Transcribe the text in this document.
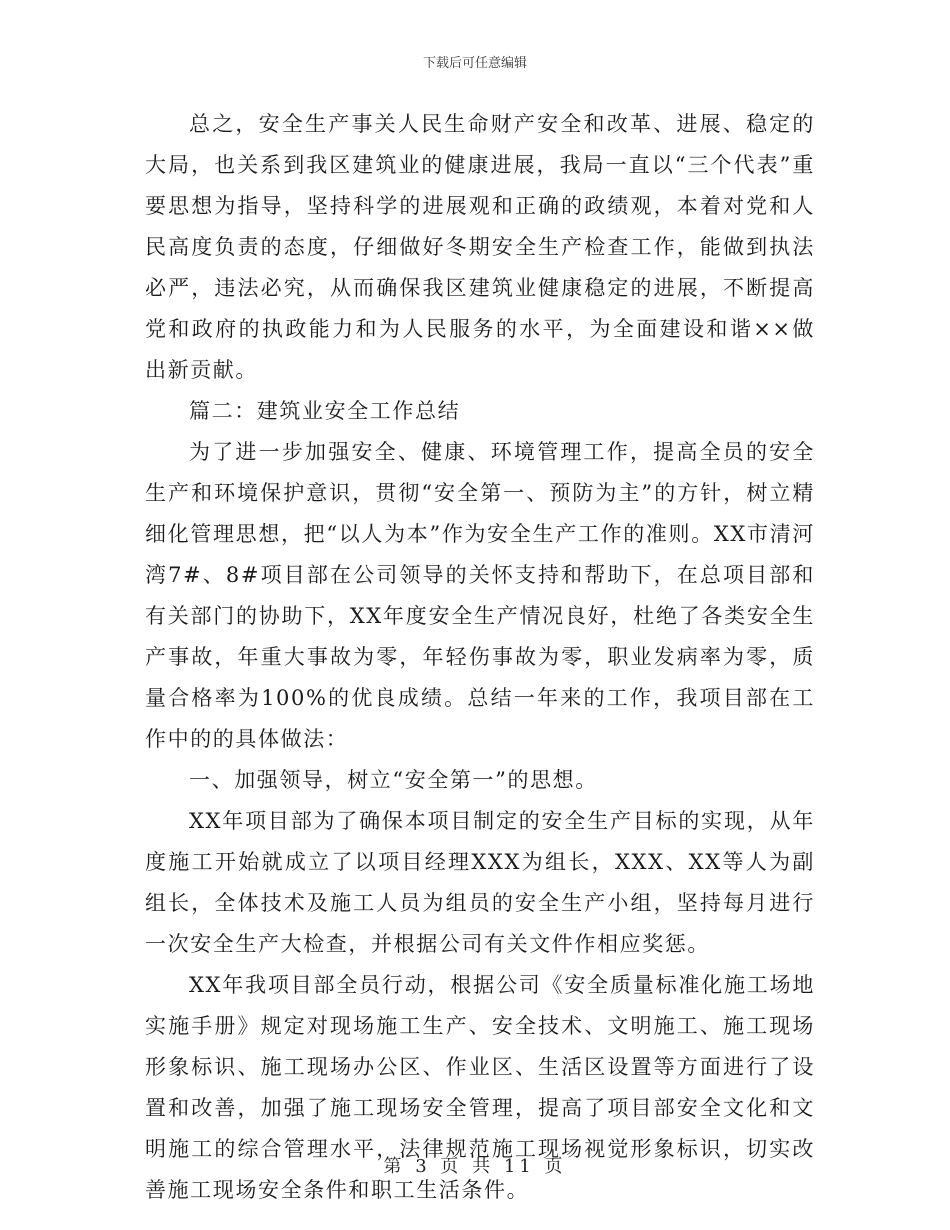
下载后可任意编辑

总之，安全生产事关人民生命财产安全和改革、进展、稳定的大局，也关系到我区建筑业的健康进展，我局一直以“三个代表”重要思想为指导，坚持科学的进展观和正确的政绩观，本着对党和人民高度负责的态度，仔细做好冬期安全生产检查工作，能做到执法必严，违法必究，从而确保我区建筑业健康稳定的进展，不断提高党和政府的执政能力和为人民服务的水平，为全面建设和谐××做出新贡献。

篇二：建筑业安全工作总结

为了进一步加强安全、健康、环境管理工作，提高全员的安全生产和环境保护意识，贯彻“安全第一、预防为主”的方针，树立精细化管理思想，把“以人为本”作为安全生产工作的准则。XX市清河湾7#、8#项目部在公司领导的关怀支持和帮助下，在总项目部和有关部门的协助下，XX年度安全生产情况良好，杜绝了各类安全生产事故，年重大事故为零，年轻伤事故为零，职业发病率为零，质量合格率为100%的优良成绩。总结一年来的工作，我项目部在工作中的的具体做法：

一、加强领导，树立“安全第一”的思想。

XX年项目部为了确保本项目制定的安全生产目标的实现，从年度施工开始就成立了以项目经理XXX为组长，XXX、XX等人为副组长，全体技术及施工人员为组员的安全生产小组，坚持每月进行一次安全生产大检查，并根据公司有关文件作相应奖惩。

XX年我项目部全员行动，根据公司《安全质量标准化施工场地实施手册》规定对现场施工生产、安全技术、文明施工、施工现场形象标识、施工现场办公区、作业区、生活区设置等方面进行了设置和改善，加强了施工现场安全管理，提高了项目部安全文化和文明施工的综合管理水平，法律规范施工现场视觉形象标识，切实改善施工现场安全条件和职工生活条件。

第 3 页 共 11 页
